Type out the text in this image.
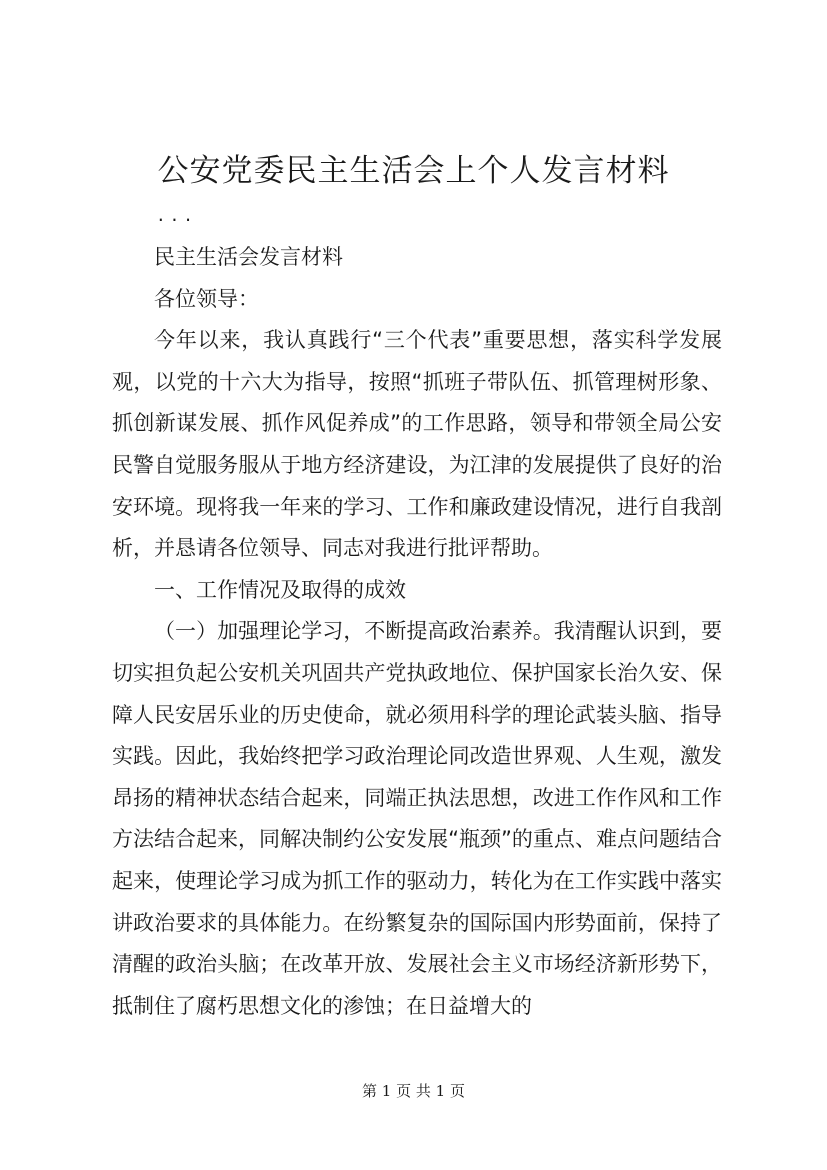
公安党委民主生活会上个人发言材料
...

民主生活会发言材料

各位领导：

今年以来，我认真践行“三个代表”重要思想，落实科学发展观，以党的十六大为指导，按照“抓班子带队伍、抓管理树形象、抓创新谋发展、抓作风促养成”的工作思路，领导和带领全局公安民警自觉服务服从于地方经济建设，为江津的发展提供了良好的治安环境。现将我一年来的学习、工作和廉政建设情况，进行自我剖析，并恳请各位领导、同志对我进行批评帮助。

一、工作情况及取得的成效

（一）加强理论学习，不断提高政治素养。我清醒认识到，要切实担负起公安机关巩固共产党执政地位、保护国家长治久安、保障人民安居乐业的历史使命，就必须用科学的理论武装头脑、指导实践。因此，我始终把学习政治理论同改造世界观、人生观，激发昂扬的精神状态结合起来，同端正执法思想，改进工作作风和工作方法结合起来，同解决制约公安发展“瓶颈”的重点、难点问题结合起来，使理论学习成为抓工作的驱动力，转化为在工作实践中落实讲政治要求的具体能力。在纷繁复杂的国际国内形势面前，保持了清醒的政治头脑；在改革开放、发展社会主义市场经济新形势下，抵制住了腐朽思想文化的渗蚀；在日益增大的

第 1 页 共 1 页
